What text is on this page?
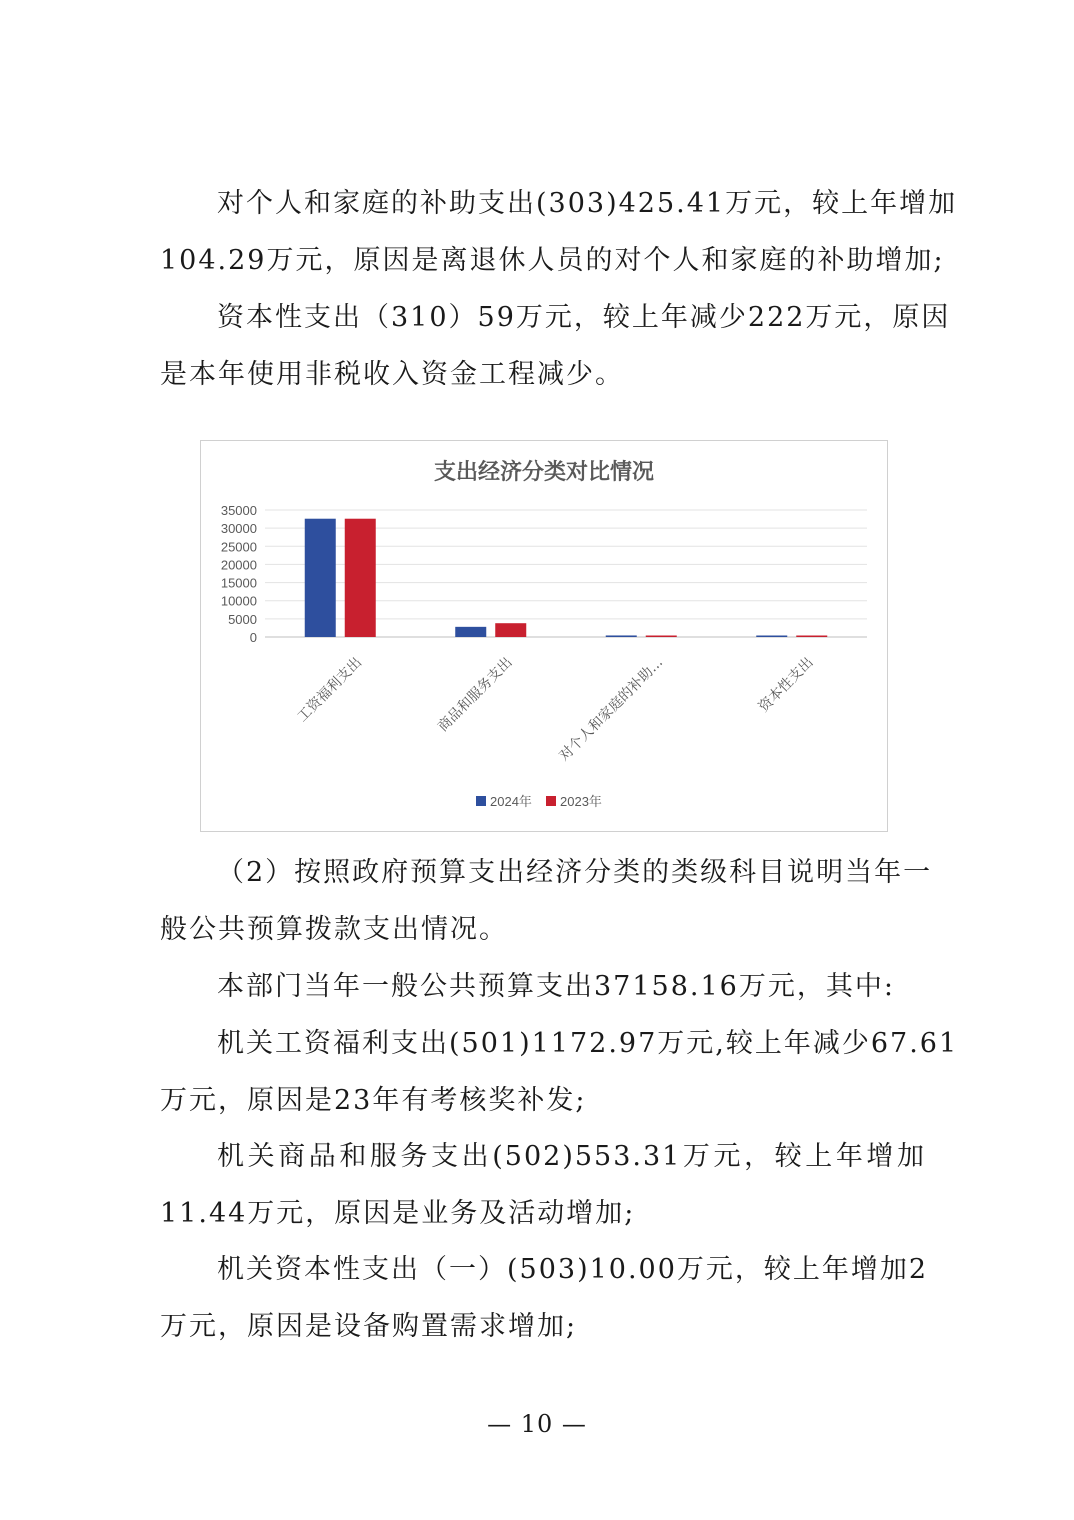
对个人和家庭的补助支出(303)425.41万元，较上年增加
104.29万元，原因是离退休人员的对个人和家庭的补助增加;

资本性支出（310）59万元，较上年减少222万元，原因
是本年使用非税收入资金工程减少。

支出经济分类对比情况
35000
30000
25000
20000
15000
10000
5000
0
工资福利支出	商品和服务支出	对个人和家庭的补助...	资本性支出
2024年 2023年

（2）按照政府预算支出经济分类的类级科目说明当年一
般公共预算拨款支出情况。

本部门当年一般公共预算支出37158.16万元，其中:

机关工资福利支出(501)1172.97万元,较上年减少67.61
万元，原因是23年有考核奖补发;

机关商品和服务支出(502)553.31万元，较上年增加
11.44万元，原因是业务及活动增加;

机关资本性支出（一）(503)10.00万元，较上年增加2
万元，原因是设备购置需求增加;

— 10 —
